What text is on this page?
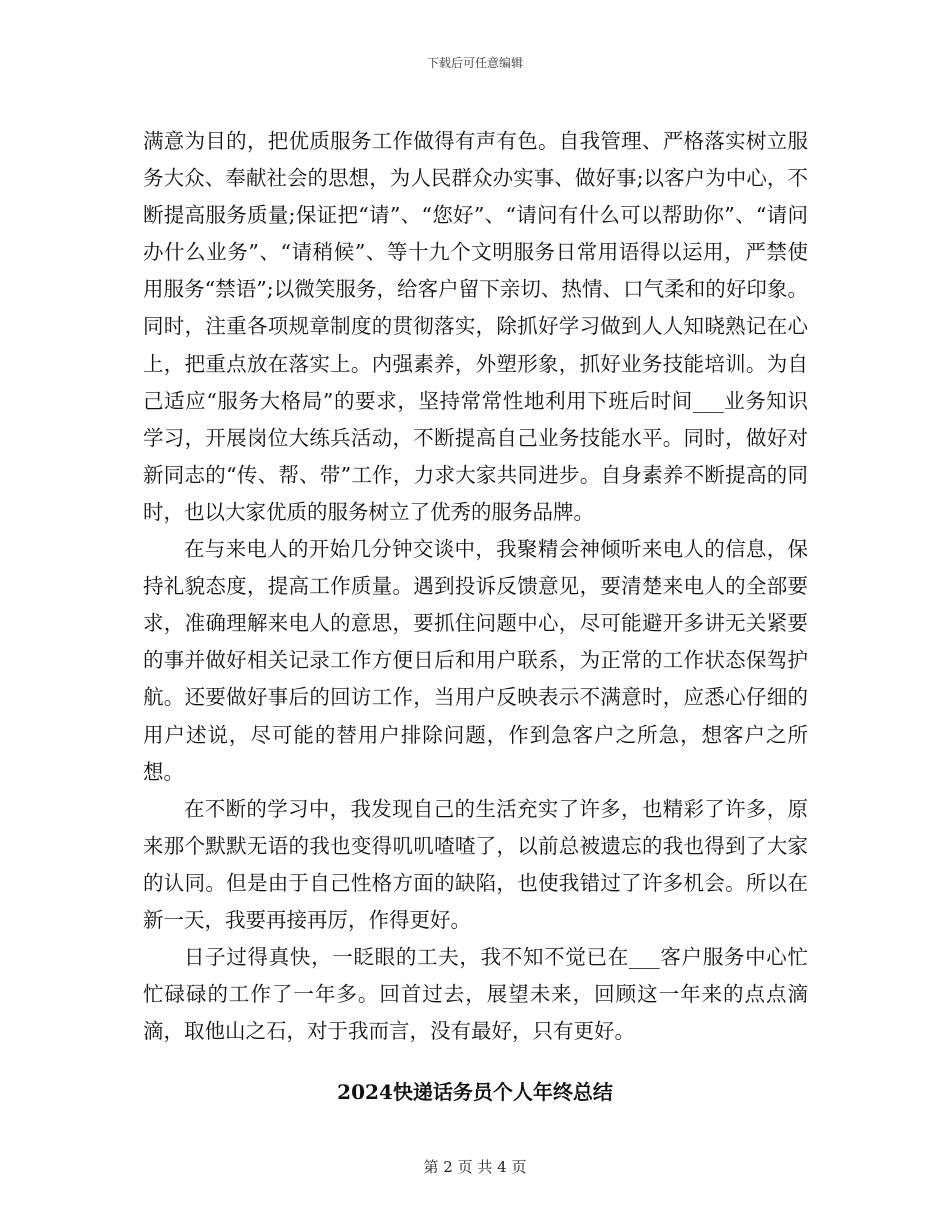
下载后可任意编辑

满意为目的，把优质服务工作做得有声有色。自我管理、严格落实树立服务大众、奉献社会的思想，为人民群众办实事、做好事;以客户为中心，不断提高服务质量;保证把“请”、“您好”、“请问有什么可以帮助你”、“请问办什么业务”、“请稍候”、等十九个文明服务日常用语得以运用，严禁使用服务“禁语”;以微笑服务，给客户留下亲切、热情、口气柔和的好印象。同时，注重各项规章制度的贯彻落实，除抓好学习做到人人知晓熟记在心上，把重点放在落实上。内强素养，外塑形象，抓好业务技能培训。为自己适应“服务大格局”的要求，坚持常常性地利用下班后时间___业务知识学习，开展岗位大练兵活动，不断提高自己业务技能水平。同时，做好对新同志的“传、帮、带”工作，力求大家共同进步。自身素养不断提高的同时，也以大家优质的服务树立了优秀的服务品牌。

在与来电人的开始几分钟交谈中，我聚精会神倾听来电人的信息，保持礼貌态度，提高工作质量。遇到投诉反馈意见，要清楚来电人的全部要求，准确理解来电人的意思，要抓住问题中心，尽可能避开多讲无关紧要的事并做好相关记录工作方便日后和用户联系，为正常的工作状态保驾护航。还要做好事后的回访工作，当用户反映表示不满意时，应悉心仔细的用户述说，尽可能的替用户排除问题，作到急客户之所急，想客户之所想。

在不断的学习中，我发现自己的生活充实了许多，也精彩了许多，原来那个默默无语的我也变得叽叽喳喳了，以前总被遗忘的我也得到了大家的认同。但是由于自己性格方面的缺陷，也使我错过了许多机会。所以在新一天，我要再接再厉，作得更好。

日子过得真快，一眨眼的工夫，我不知不觉已在___客户服务中心忙忙碌碌的工作了一年多。回首过去，展望未来，回顾这一年来的点点滴滴，取他山之石，对于我而言，没有最好，只有更好。

2024快递话务员个人年终总结
第 2 页 共 4 页
